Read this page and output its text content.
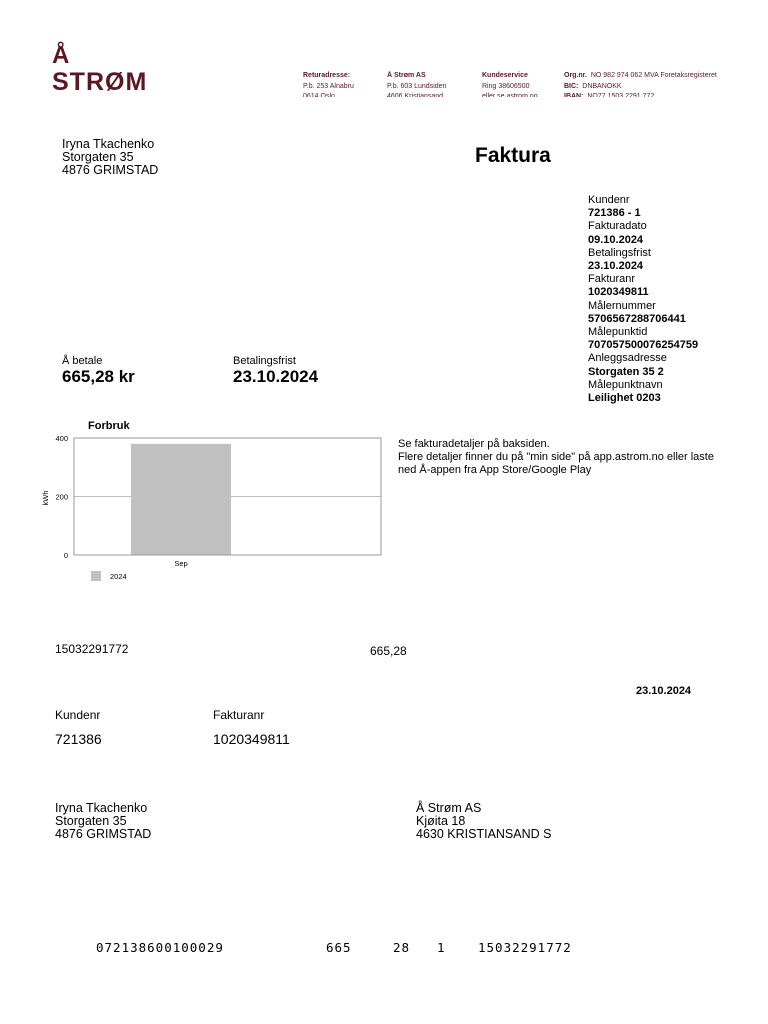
Å
STRØM	Returadresse:
P.b. 253 Alnabru
0614 Oslo
Å Strøm AS
P.b. 603 Lundsiden
4606 Kristiansand
Kundeservice
Ring 38606500
eller se astrom.no
Org.nr. NO 982 974 062 MVA Foretaksregisteret
BIC: DNBANOKK
IBAN: NO77 1503 2291 772
Iryna Tkachenko
Storgaten 35
4876 GRIMSTAD
Faktura
Kundenr
721386 - 1
Fakturadato
09.10.2024
Betalingsfrist
23.10.2024
Fakturanr
1020349811
Målernummer
5706567288706441
Målepunktid
707057500076254759
Anleggsadresse
Storgaten 35 2
Målepunktnavn
Leilighet 0203
Å betale
665,28 kr
Betalingsfrist
23.10.2024
Forbruk
0
200
400
Sep
kWh
2024
Se fakturadetaljer på baksiden.
Flere detaljer finner du på "min side" på app.astrom.no eller laste ned Å-appen fra App Store/Google Play
15032291772	665,28
23.10.2024
Kundenr
721386
Fakturanr
1020349811
Iryna Tkachenko
Storgaten 35
4876 GRIMSTAD
Å Strøm AS
Kjøita 18
4630 KRISTIANSAND S
072138600100029	665	28 1	15032291772
